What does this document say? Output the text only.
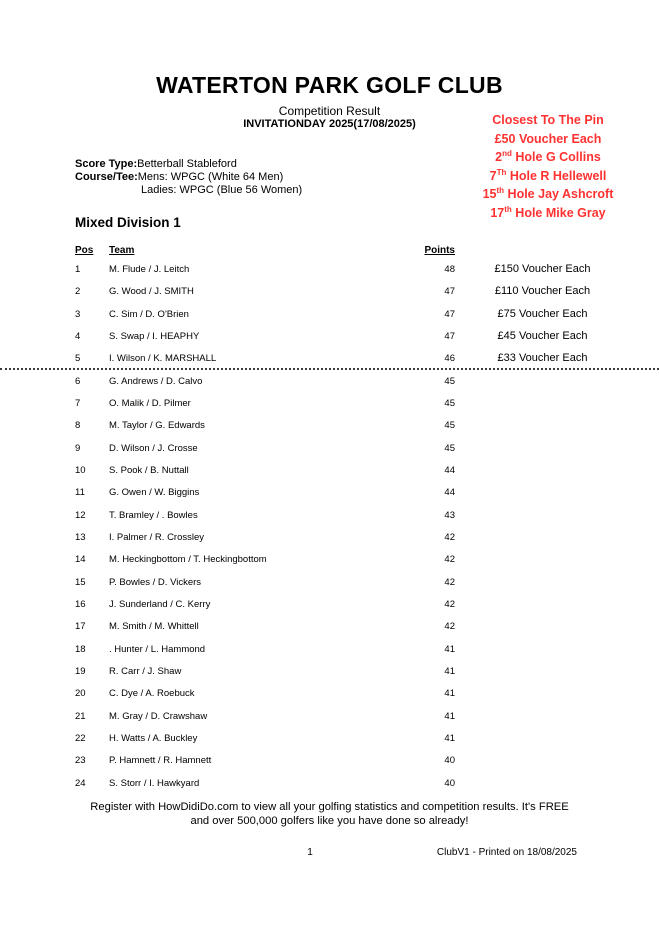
WATERTON PARK GOLF CLUB
Competition Result
INVITATIONDAY 2025(17/08/2025)	Closest To The Pin
£50 Voucher Each
2nd Hole G Collins
7Th Hole R Hellewell
15th Hole Jay Ashcroft
17th Hole Mike Gray
Score Type:Betterball Stableford
Course/Tee:Mens: WPGC (White 64 Men)
Ladies: WPGC (Blue 56 Women)
Mixed Division 1
Pos Team	Points
1	M. Flude / J. Leitch	48	£150 Voucher Each
2	G. Wood / J. SMITH	47	£110 Voucher Each
3	C. Sim / D. O'Brien	47	£75 Voucher Each
4	S. Swap / I. HEAPHY	47	£45 Voucher Each
5	I. Wilson / K. MARSHALL	46	£33 Voucher Each
6	G. Andrews / D. Calvo	45
7	O. Malik / D. Pilmer	45
8	M. Taylor / G. Edwards	45
9	D. Wilson / J. Crosse	45
10 S. Pook / B. Nuttall	44
11	G. Owen / W. Biggins	44
12 T. Bramley / . Bowles	43
13 I. Palmer / R. Crossley	42
14 M. Heckingbottom / T. Heckingbottom	42
15 P. Bowles / D. Vickers	42
16 J. Sunderland / C. Kerry	42
17 M. Smith / M. Whittell	42
18 . Hunter / L. Hammond	41
19 R. Carr / J. Shaw	41
20 C. Dye / A. Roebuck	41
21 M. Gray / D. Crawshaw	41
22 H. Watts / A. Buckley	41
23 P. Hamnett / R. Hamnett	40
24 S. Storr / I. Hawkyard	40
Register with HowDidiDo.com to view all your golfing statistics and competition results. It's FREE
and over 500,000 golfers like you have done so already!
1	ClubV1 - Printed on 18/08/2025
